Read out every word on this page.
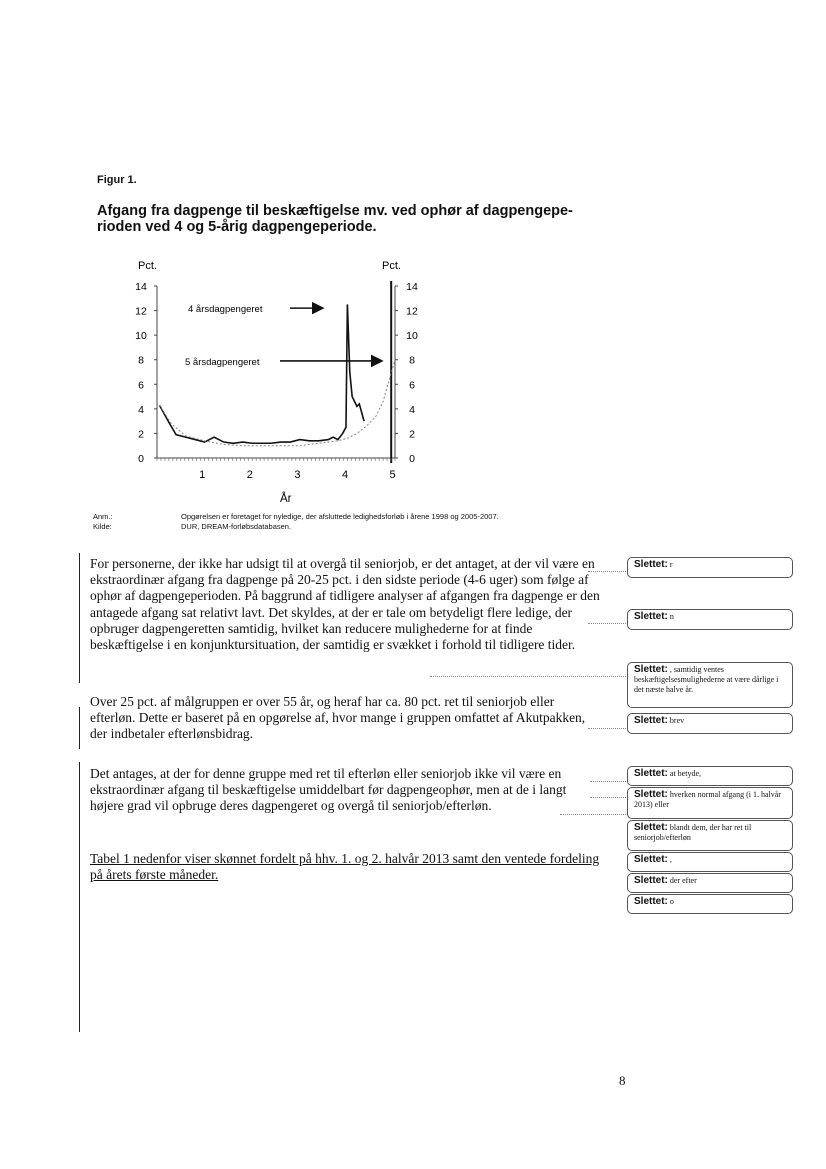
Figur 1.
Afgang fra dagpenge til beskæftigelse mv. ved ophør af dagpengepe-rioden ved 4 og 5-årig dagpengeperiode.
Pct.	Pct.
0	0
2	2
4	4
6	6
8	8
10	10
12	12
14	14
1	2	3	4	5
4 årsdagpengeret
5 årsdagpengeret
År
Anm.:	Opgørelsen er foretaget for nyledige, der afsluttede ledighedsforløb i årene 1998 og 2005-2007.
Kilde:	DUR, DREAM-forløbsdatabasen.
For personerne, der ikke har udsigt til at overgå til seniorjob, er det antaget, at der vil være en ekstraordinær afgang fra dagpenge på 20-25 pct. i den sidste periode (4-6 uger) som følge af ophør af dagpengeperioden. På baggrund af tidligere analyser af afgangen fra dagpenge er den antagede afgang sat relativt lavt. Det skyldes, at der er tale om betydeligt flere ledige, der opbruger dagpengeretten samtidig, hvilket kan reducere mulighederne for at finde beskæftigelse i en konjunktursituation, der samtidig er svækket i forhold til tidligere tider.
Over 25 pct. af målgruppen er over 55 år, og heraf har ca. 80 pct. ret til seniorjob eller efterløn. Dette er baseret på en opgørelse af, hvor mange i gruppen omfattet af Akutpakken, der indbetaler efterlønsbidrag.
Det antages, at der for denne gruppe med ret til efterløn eller seniorjob ikke vil være en ekstraordinær afgang til beskæftigelse umiddelbart før dagpengeophør, men at de i langt højere grad vil opbruge deres dagpengeret og overgå til seniorjob/efterløn.
Tabel 1 nedenfor viser skønnet fordelt på hhv. 1. og 2. halvår 2013 samt den ventede fordeling på årets første måneder.
Slettet: r
Slettet: n
Slettet: , samtidig ventes beskæftigelsesmulighederne at være dårlige i det næste halve år.
Slettet: brev
Slettet: at betyde,
Slettet: hverken normal afgang (i 1. halvår 2013) eller
Slettet: blandt dem, der har ret til seniorjob/efterløn
Slettet: ,
Slettet: der efter
Slettet: o
8
